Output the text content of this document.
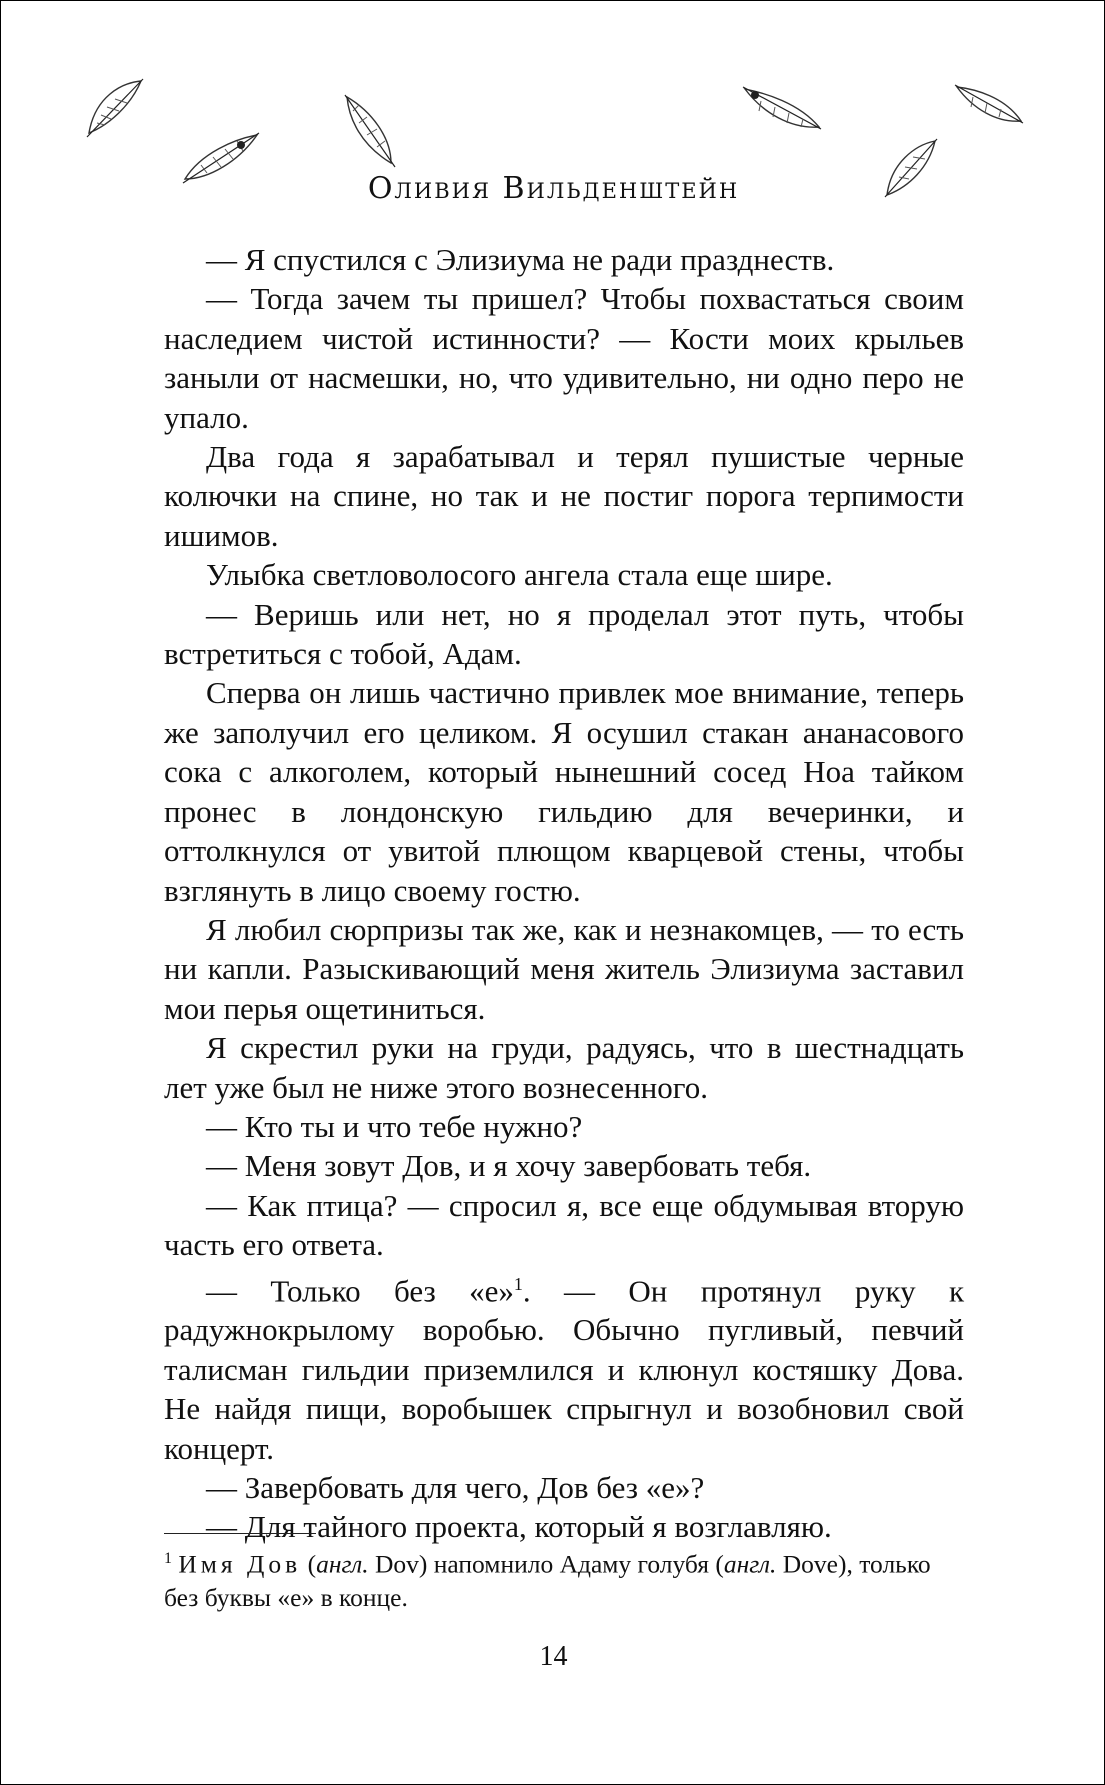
Оливия Вильденштейн

— Я спустился с Элизиума не ради празднеств.

— Тогда зачем ты пришел? Чтобы похвастаться своим наследием чистой истинности? — Кости моих крыльев заныли от насмешки, но, что удивительно, ни одно перо не упало.

Два года я зарабатывал и терял пушистые черные колючки на спине, но так и не постиг порога терпимости ишимов.

Улыбка светловолосого ангела стала еще шире.

— Веришь или нет, но я проделал этот путь, чтобы встретиться с тобой, Адам.

Сперва он лишь частично привлек мое внимание, теперь же заполучил его целиком. Я осушил стакан ананасового сока с алкоголем, который нынешний сосед Ноа тайком пронес в лондонскую гильдию для вечеринки, и оттолкнулся от увитой плющом кварцевой стены, чтобы взглянуть в лицо своему гостю.

Я любил сюрпризы так же, как и незнакомцев, — то есть ни капли. Разыскивающий меня житель Элизиума заставил мои перья ощетиниться.

Я скрестил руки на груди, радуясь, что в шестнадцать лет уже был не ниже этого вознесенного.

— Кто ты и что тебе нужно?

— Меня зовут Дов, и я хочу завербовать тебя.

— Как птица? — спросил я, все еще обдумывая вторую часть его ответа.

— Только без «е»$^1$. — Он протянул руку к радужнокрылому воробью. Обычно пугливый, певчий талисман гильдии приземлился и клюнул костяшку Дова. Не найдя пищи, воробышек спрыгнул и возобновил свой концерт.

— Завербовать для чего, Дов без «е»?

— Для тайного проекта, который я возглавляю.

$^1$ Имя Дов (англ. Dov) напомнило Адаму голубя (англ. Dove), только без буквы «е» в конце.
14
